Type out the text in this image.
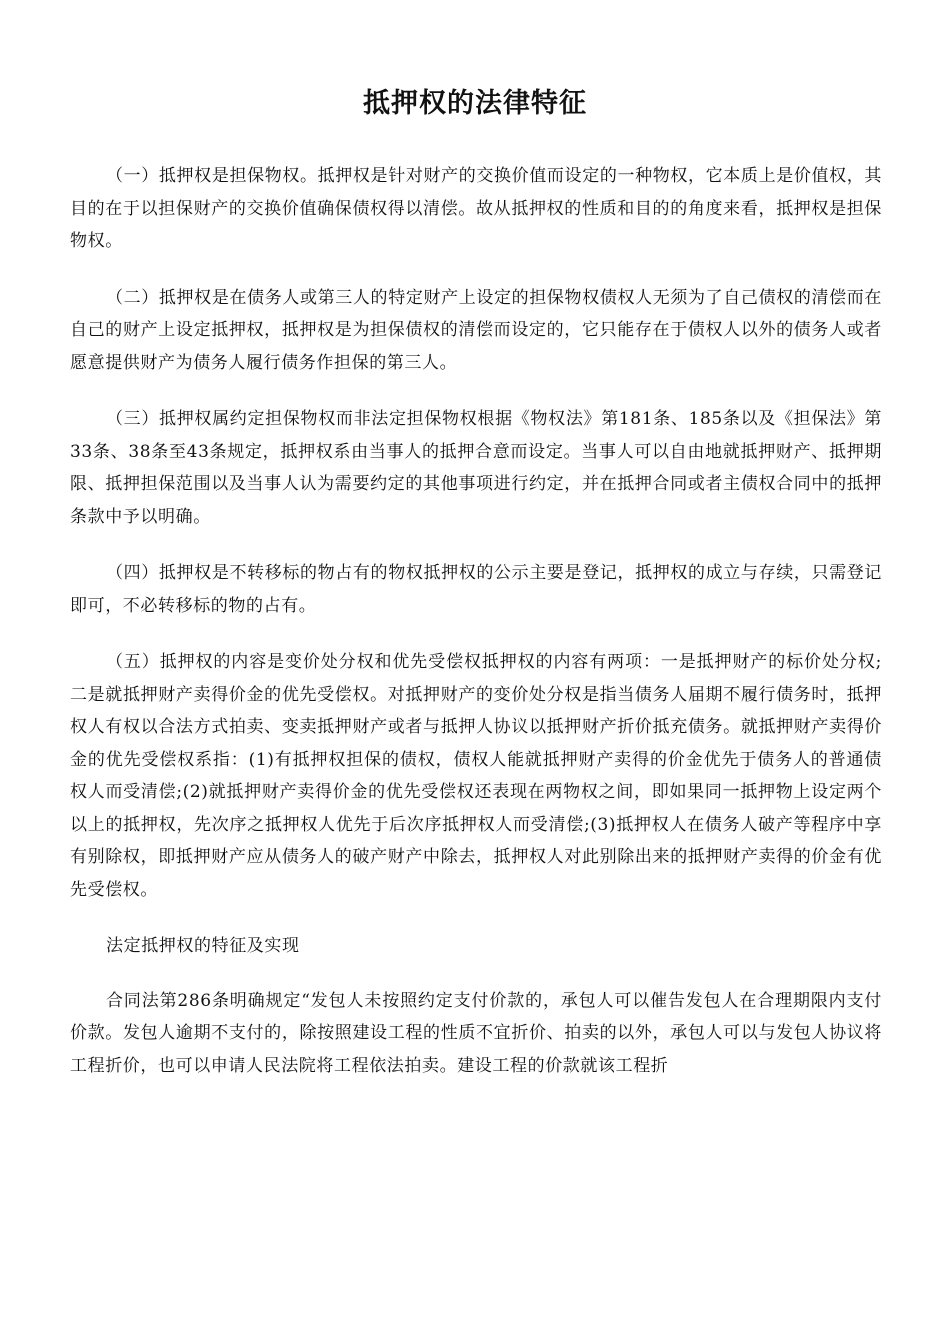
抵押权的法律特征

（一）抵押权是担保物权。抵押权是针对财产的交换价值而设定的一种物权，它本质上是价值权，其目的在于以担保财产的交换价值确保债权得以清偿。故从抵押权的性质和目的的角度来看，抵押权是担保物权。

（二）抵押权是在债务人或第三人的特定财产上设定的担保物权债权人无须为了自己债权的清偿而在自己的财产上设定抵押权，抵押权是为担保债权的清偿而设定的，它只能存在于债权人以外的债务人或者愿意提供财产为债务人履行债务作担保的第三人。

（三）抵押权属约定担保物权而非法定担保物权根据《物权法》第181条、185条以及《担保法》第33条、38条至43条规定，抵押权系由当事人的抵押合意而设定。当事人可以自由地就抵押财产、抵押期限、抵押担保范围以及当事人认为需要约定的其他事项进行约定，并在抵押合同或者主债权合同中的抵押条款中予以明确。

（四）抵押权是不转移标的物占有的物权抵押权的公示主要是登记，抵押权的成立与存续，只需登记即可，不必转移标的物的占有。

（五）抵押权的内容是变价处分权和优先受偿权抵押权的内容有两项：一是抵押财产的标价处分权;二是就抵押财产卖得价金的优先受偿权。对抵押财产的变价处分权是指当债务人届期不履行债务时，抵押权人有权以合法方式拍卖、变卖抵押财产或者与抵押人协议以抵押财产折价抵充债务。就抵押财产卖得价金的优先受偿权系指：(1)有抵押权担保的债权，债权人能就抵押财产卖得的价金优先于债务人的普通债权人而受清偿;(2)就抵押财产卖得价金的优先受偿权还表现在两物权之间，即如果同一抵押物上设定两个以上的抵押权，先次序之抵押权人优先于后次序抵押权人而受清偿;(3)抵押权人在债务人破产等程序中享有别除权，即抵押财产应从债务人的破产财产中除去，抵押权人对此别除出来的抵押财产卖得的价金有优先受偿权。

法定抵押权的特征及实现

合同法第286条明确规定“发包人未按照约定支付价款的，承包人可以催告发包人在合理期限内支付价款。发包人逾期不支付的，除按照建设工程的性质不宜折价、拍卖的以外，承包人可以与发包人协议将工程折价，也可以申请人民法院将工程依法拍卖。建设工程的价款就该工程折
